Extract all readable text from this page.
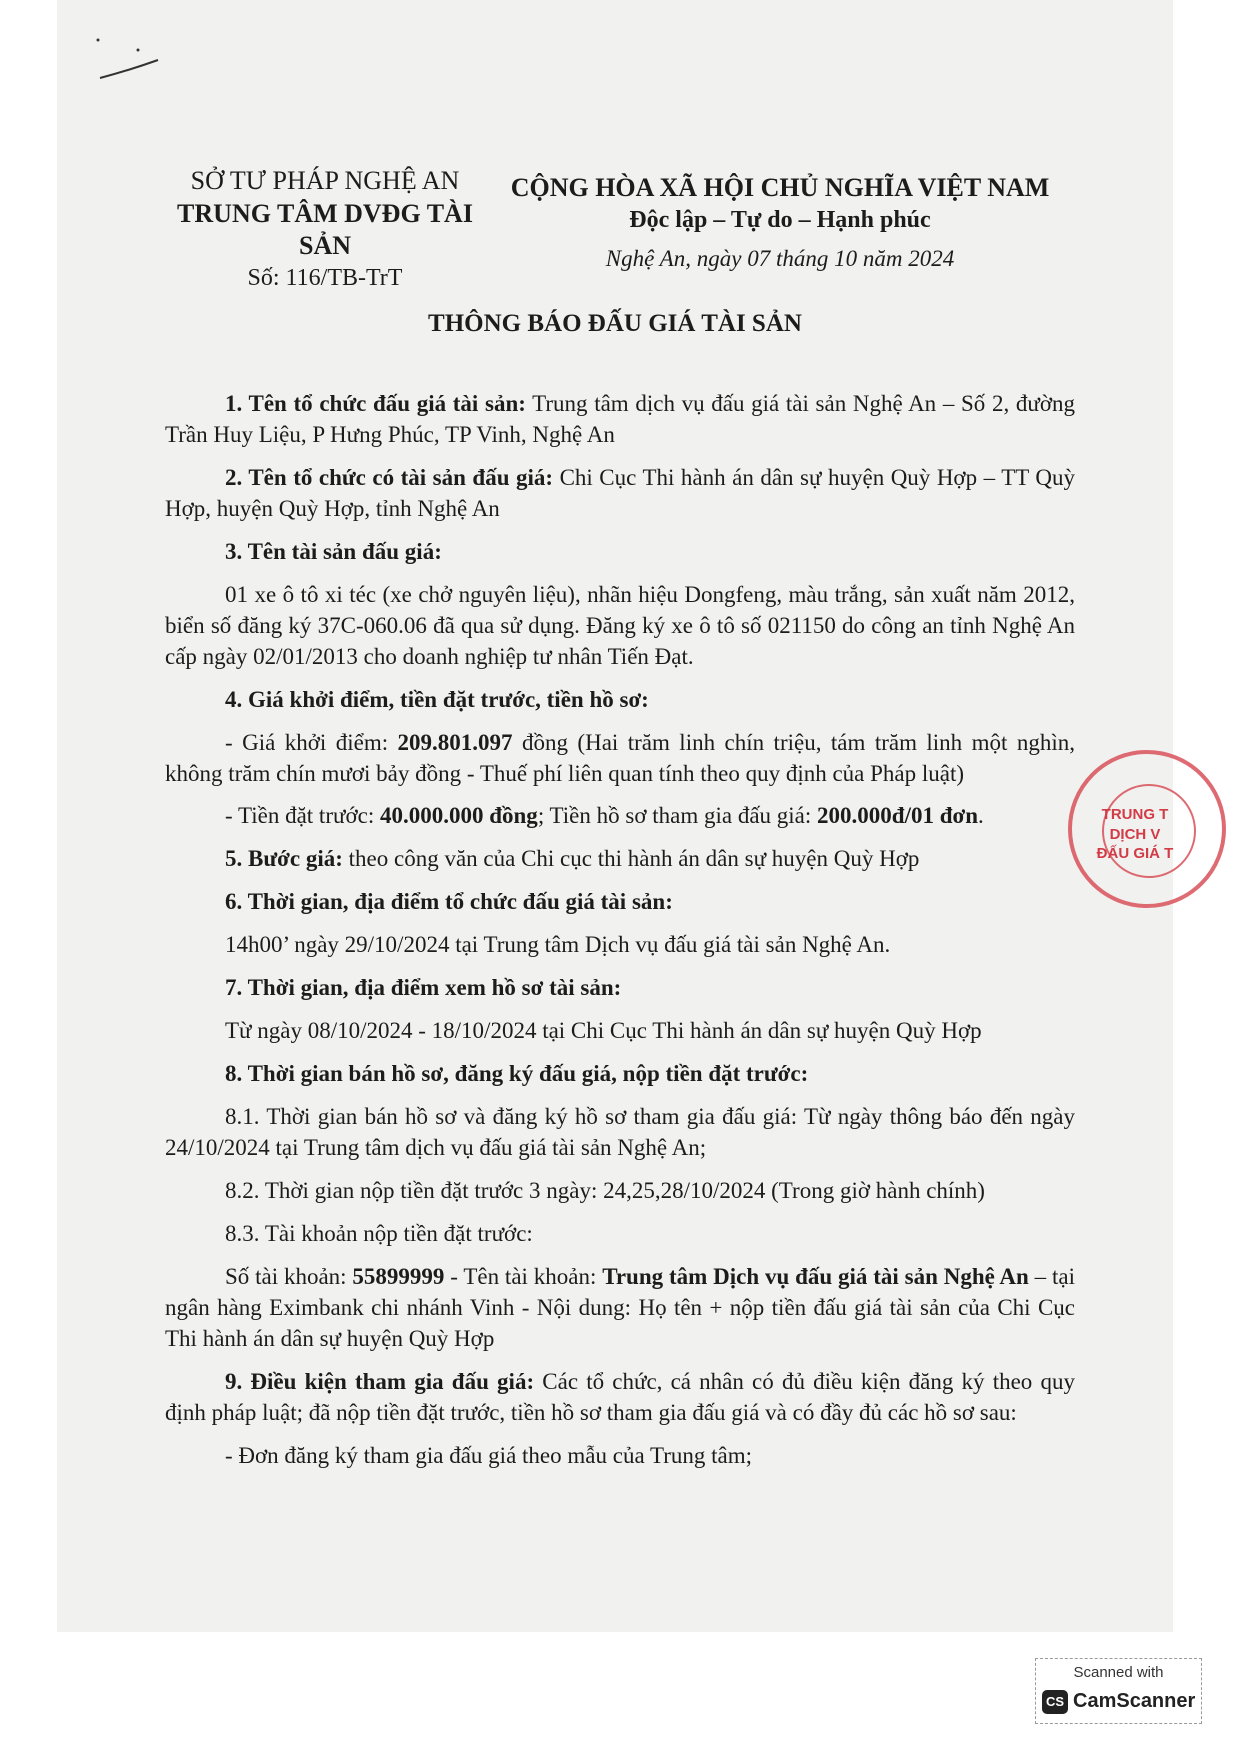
SỞ TƯ PHÁP NGHỆ AN
TRUNG TÂM DVĐG TÀI SẢN
Số: 116/TB-TrT
CỘNG HÒA XÃ HỘI CHỦ NGHĨA VIỆT NAM
Độc lập – Tự do – Hạnh phúc
Nghệ An, ngày 07 tháng 10 năm 2024
THÔNG BÁO ĐẤU GIÁ TÀI SẢN

1. Tên tổ chức đấu giá tài sản: Trung tâm dịch vụ đấu giá tài sản Nghệ An – Số 2, đường Trần Huy Liệu, P Hưng Phúc, TP Vinh, Nghệ An

2. Tên tổ chức có tài sản đấu giá: Chi Cục Thi hành án dân sự huyện Quỳ Hợp – TT Quỳ Hợp, huyện Quỳ Hợp, tỉnh Nghệ An

3. Tên tài sản đấu giá:

01 xe ô tô xi téc (xe chở nguyên liệu), nhãn hiệu Dongfeng, màu trắng, sản xuất năm 2012, biển số đăng ký 37C-060.06 đã qua sử dụng. Đăng ký xe ô tô số 021150 do công an tỉnh Nghệ An cấp ngày 02/01/2013 cho doanh nghiệp tư nhân Tiến Đạt.

4. Giá khởi điểm, tiền đặt trước, tiền hồ sơ:

- Giá khởi điểm: 209.801.097 đồng (Hai trăm linh chín triệu, tám trăm linh một nghìn, không trăm chín mươi bảy đồng - Thuế phí liên quan tính theo quy định của Pháp luật)

- Tiền đặt trước: 40.000.000 đồng; Tiền hồ sơ tham gia đấu giá: 200.000đ/01 đơn.

5. Bước giá: theo công văn của Chi cục thi hành án dân sự huyện Quỳ Hợp

6. Thời gian, địa điểm tổ chức đấu giá tài sản:

14h00’ ngày 29/10/2024 tại Trung tâm Dịch vụ đấu giá tài sản Nghệ An.

7. Thời gian, địa điểm xem hồ sơ tài sản:

Từ ngày 08/10/2024 - 18/10/2024 tại Chi Cục Thi hành án dân sự huyện Quỳ Hợp

8. Thời gian bán hồ sơ, đăng ký đấu giá, nộp tiền đặt trước:

8.1. Thời gian bán hồ sơ và đăng ký hồ sơ tham gia đấu giá: Từ ngày thông báo đến ngày 24/10/2024 tại Trung tâm dịch vụ đấu giá tài sản Nghệ An;

8.2. Thời gian nộp tiền đặt trước 3 ngày: 24,25,28/10/2024 (Trong giờ hành chính)

8.3. Tài khoản nộp tiền đặt trước:

Số tài khoản: 55899999 - Tên tài khoản: Trung tâm Dịch vụ đấu giá tài sản Nghệ An – tại ngân hàng Eximbank chi nhánh Vinh - Nội dung: Họ tên + nộp tiền đấu giá tài sản của Chi Cục Thi hành án dân sự huyện Quỳ Hợp

9. Điều kiện tham gia đấu giá: Các tổ chức, cá nhân có đủ điều kiện đăng ký theo quy định pháp luật; đã nộp tiền đặt trước, tiền hồ sơ tham gia đấu giá và có đầy đủ các hồ sơ sau:

- Đơn đăng ký tham gia đấu giá theo mẫu của Trung tâm;

TRUNG T
DỊCH V
ĐẤU GIÁ T
Scanned with
CS CamScanner
